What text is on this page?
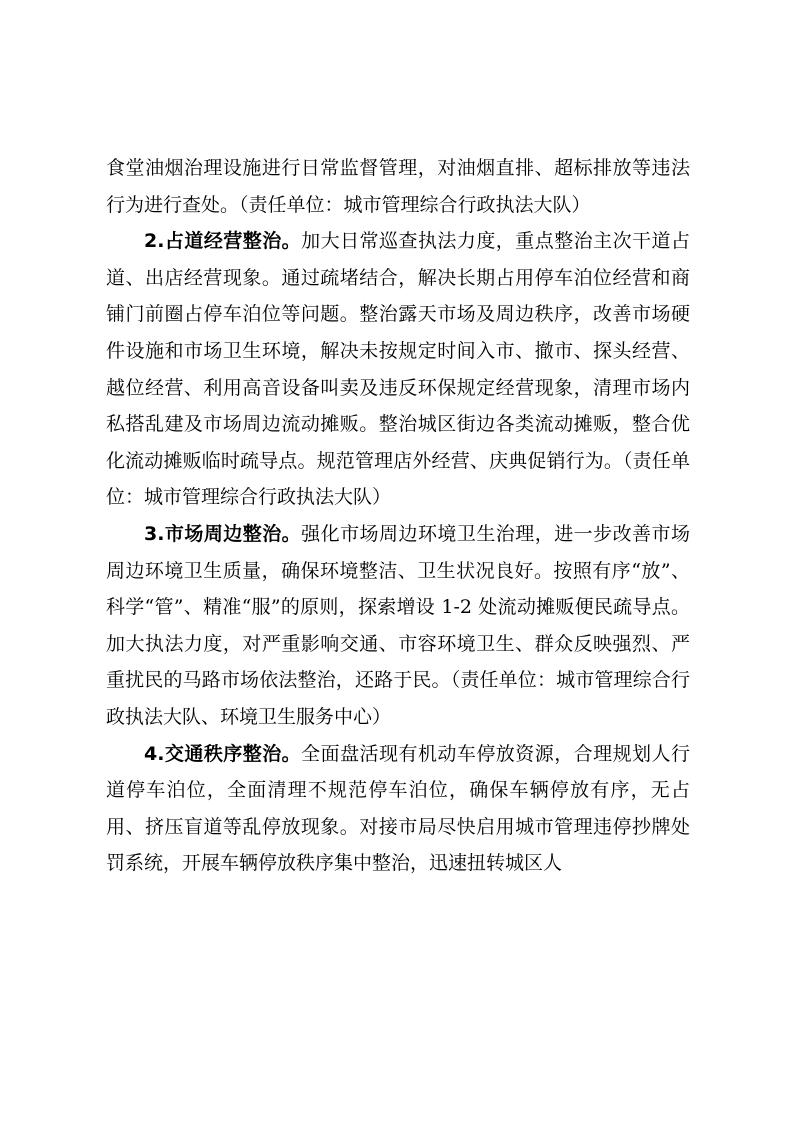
食堂油烟治理设施进行日常监督管理，对油烟直排、超标排放等违法行为进行查处。（责任单位：城市管理综合行政执法大队）

2.占道经营整治。加大日常巡查执法力度，重点整治主次干道占道、出店经营现象。通过疏堵结合，解决长期占用停车泊位经营和商铺门前圈占停车泊位等问题。整治露天市场及周边秩序，改善市场硬件设施和市场卫生环境，解决未按规定时间入市、撤市、探头经营、越位经营、利用高音设备叫卖及违反环保规定经营现象，清理市场内私搭乱建及市场周边流动摊贩。整治城区街边各类流动摊贩，整合优化流动摊贩临时疏导点。规范管理店外经营、庆典促销行为。（责任单位：城市管理综合行政执法大队）

3.市场周边整治。强化市场周边环境卫生治理，进一步改善市场周边环境卫生质量，确保环境整洁、卫生状况良好。按照有序“放”、科学“管”、精准“服”的原则，探索增设 1-2 处流动摊贩便民疏导点。加大执法力度，对严重影响交通、市容环境卫生、群众反映强烈、严重扰民的马路市场依法整治，还路于民。（责任单位：城市管理综合行政执法大队、环境卫生服务中心）

4.交通秩序整治。全面盘活现有机动车停放资源，合理规划人行道停车泊位，全面清理不规范停车泊位，确保车辆停放有序，无占用、挤压盲道等乱停放现象。对接市局尽快启用城市管理违停抄牌处罚系统，开展车辆停放秩序集中整治，迅速扭转城区人
